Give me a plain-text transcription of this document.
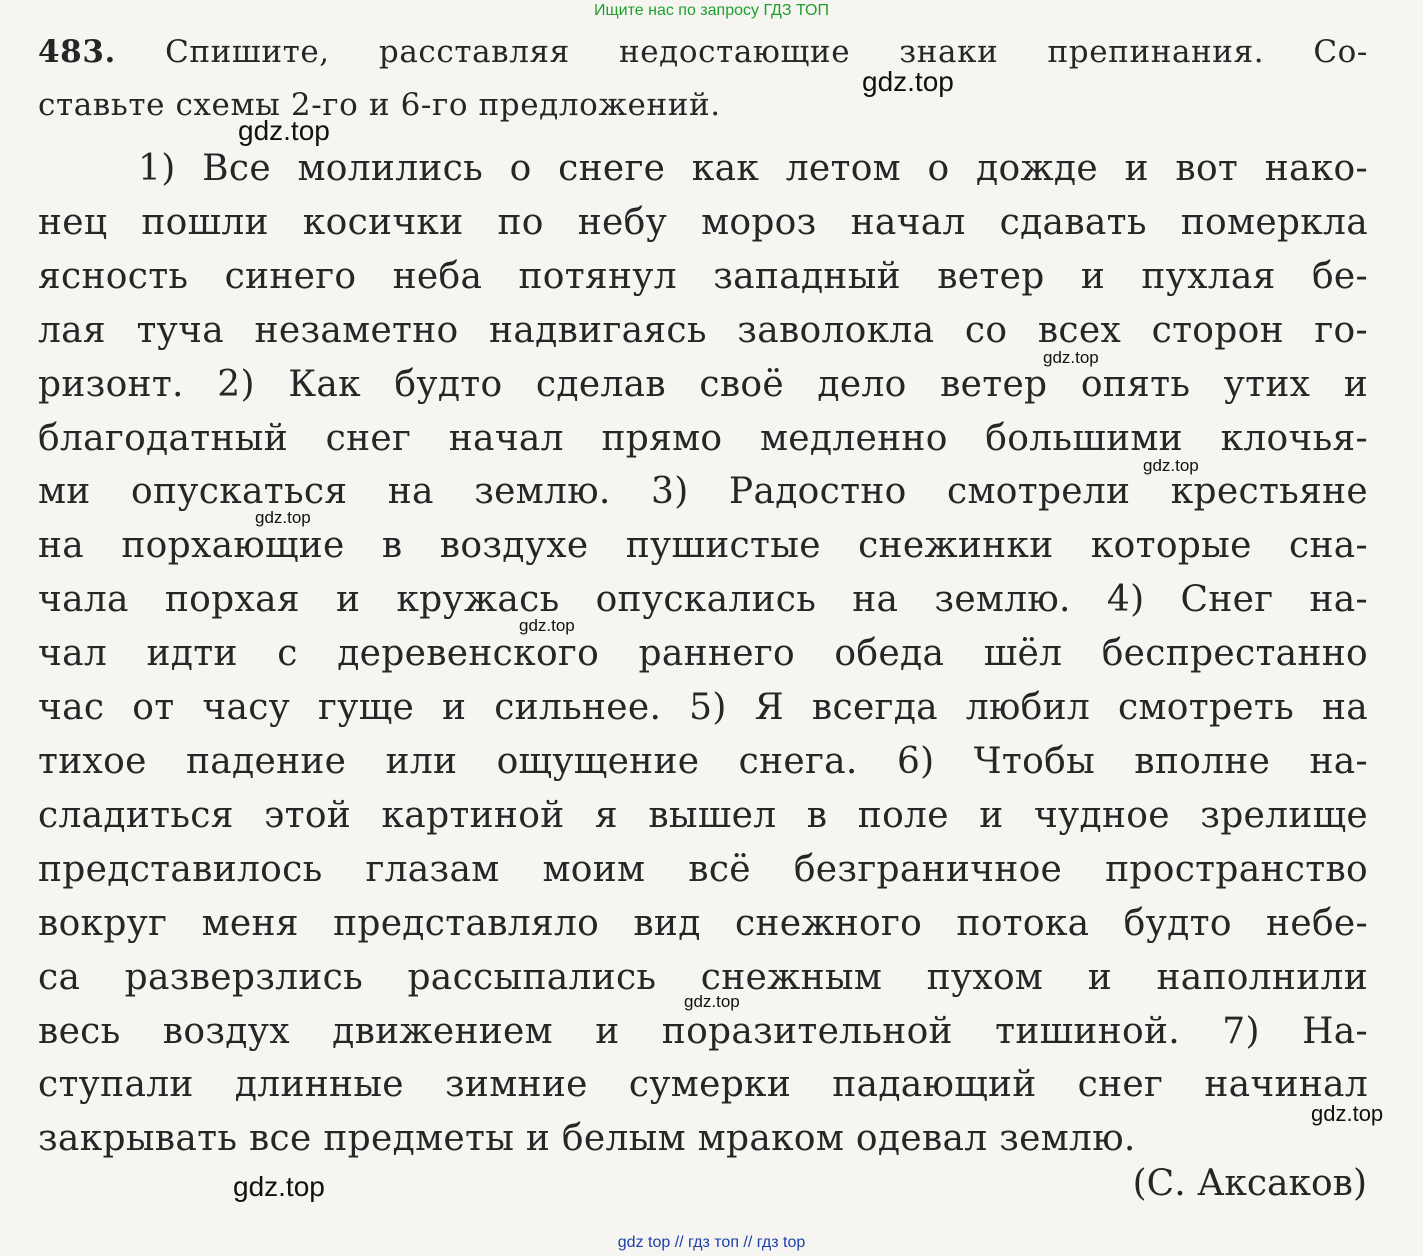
Ищите нас по запросу ГДЗ ТОП
483. Спишите, расставляя недостающие знаки препинания. Со-
ставьте схемы 2-го и 6-го предложений.
1) Все молились о снеге как летом о дожде и вот нако-
нец пошли косички по небу мороз начал сдавать померкла
ясность синего неба потянул западный ветер и пухлая бе-
лая туча незаметно надвигаясь заволокла со всех сторон го-
ризонт. 2) Как будто сделав своё дело ветер опять утих и
благодатный снег начал прямо медленно большими клочья-
ми опускаться на землю. 3) Радостно смотрели крестьяне
на порхающие в воздухе пушистые снежинки которые сна-
чала порхая и кружась опускались на землю. 4) Снег на-
чал идти с деревенского раннего обеда шёл беспрестанно
час от часу гуще и сильнее. 5) Я всегда любил смотреть на
тихое падение или ощущение снега. 6) Чтобы вполне на-
сладиться этой картиной я вышел в поле и чудное зрелище
представилось глазам моим всё безграничное пространство
вокруг меня представляло вид снежного потока будто небе-
са разверзлись рассыпались снежным пухом и наполнили
весь воздух движением и поразительной тишиной. 7) На-
ступали длинные зимние сумерки падающий снег начинал
закрывать все предметы и белым мраком одевал землю.
(С. Аксаков)
gdz.top
gdz.top
gdz.top
gdz.top
gdz.top
gdz.top
gdz.top
gdz.top
gdz.top
gdz top // гдз топ // гдз top
